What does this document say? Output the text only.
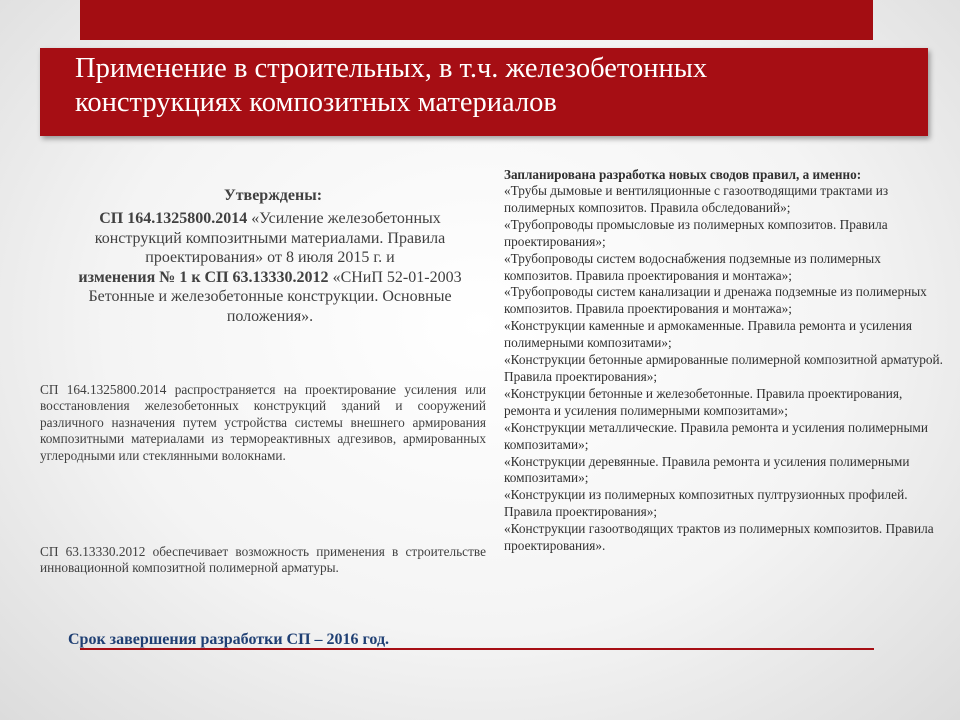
Применение в строительных, в т.ч. железобетонных
конструкциях композитных материалов
Утверждены:
СП 164.1325800.2014 «Усиление железобетонных конструкций композитными материалами. Правила проектирования» от 8 июля 2015 г. и
изменения № 1 к СП 63.13330.2012 «СНиП 52-01-2003 Бетонные и железобетонные конструкции. Основные положения».
СП 164.1325800.2014 распространяется на проектирование усиления или восстановления железобетонных конструкций зданий и сооружений различного назначения путем устройства системы внешнего армирования композитными материалами из термореактивных адгезивов, армированных углеродными или стеклянными волокнами.
СП 63.13330.2012 обеспечивает возможность применения в строительстве инновационной композитной полимерной арматуры.
Срок завершения разработки СП – 2016 год.
Запланирована разработка новых сводов правил, а именно:
«Трубы дымовые и вентиляционные с газоотводящими трактами из полимерных композитов. Правила обследований»;
«Трубопроводы промысловые из полимерных композитов. Правила проектирования»;
«Трубопроводы систем водоснабжения подземные из полимерных композитов. Правила проектирования и монтажа»;
«Трубопроводы систем канализации и дренажа подземные из полимерных композитов. Правила проектирования и монтажа»;
«Конструкции каменные и армокаменные. Правила ремонта и усиления полимерными композитами»;
«Конструкции бетонные армированные полимерной композитной арматурой. Правила проектирования»;
«Конструкции бетонные и железобетонные. Правила проектирования, ремонта и усиления полимерными композитами»;
«Конструкции металлические. Правила ремонта и усиления полимерными композитами»;
«Конструкции деревянные. Правила ремонта и усиления полимерными композитами»;
«Конструкции из полимерных композитных пултрузионных профилей. Правила проектирования»;
«Конструкции газоотводящих трактов из полимерных композитов. Правила проектирования».
